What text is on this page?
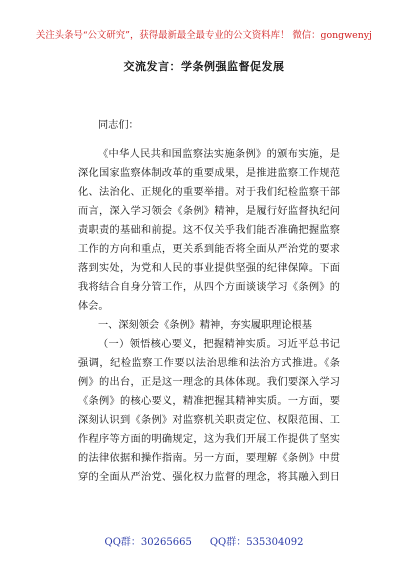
关注头条号“公文研究”，获得最新最全最专业的公文资料库！ 微信：gongwenyj
交流发言：学条例强监督促发展
同志们：
《中华人民共和国监察法实施条例》的颁布实施，是
深化国家监察体制改革的重要成果，是推进监察工作规范
化、法治化、正规化的重要举措。对于我们纪检监察干部
而言，深入学习领会《条例》精神，是履行好监督执纪问
责职责的基础和前提。这不仅关乎我们能否准确把握监察
工作的方向和重点，更关系到能否将全面从严治党的要求
落到实处，为党和人民的事业提供坚强的纪律保障。下面
我将结合自身分管工作，从四个方面谈谈学习《条例》的
体会。
一、深刻领会《条例》精神，夯实履职理论根基
（一）领悟核心要义，把握精神实质。习近平总书记
强调，纪检监察工作要以法治思维和法治方式推进。《条
例》的出台，正是这一理念的具体体现。我们要深入学习
《条例》的核心要义，精准把握其精神实质。一方面，要
深刻认识到《条例》对监察机关职责定位、权限范围、工
作程序等方面的明确规定，这为我们开展工作提供了坚实
的法律依据和操作指南。另一方面，要理解《条例》中贯
穿的全面从严治党、强化权力监督的理念，将其融入到日
QQ群：30265665 QQ群：535304092
